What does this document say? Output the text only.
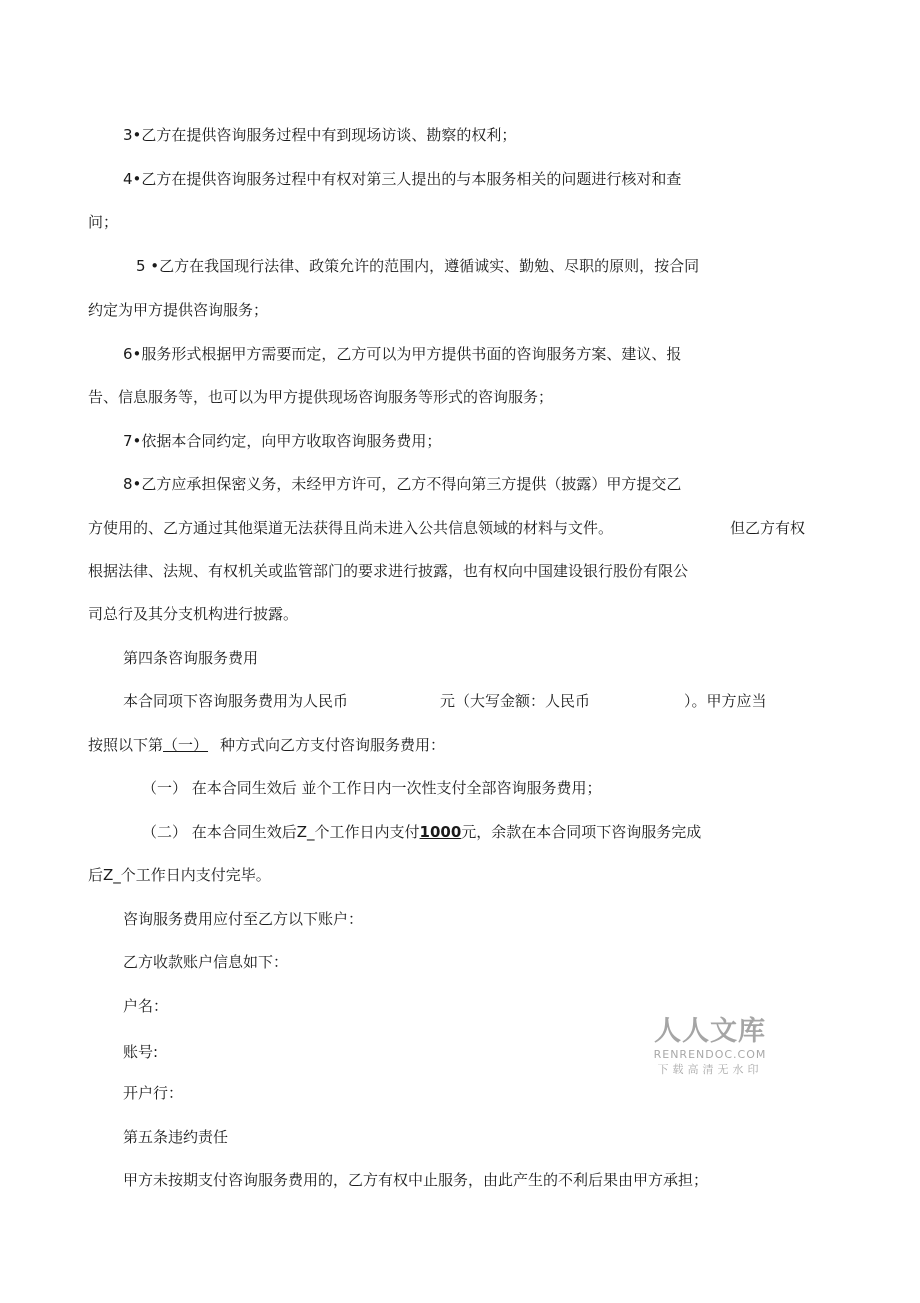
3•乙方在提供咨询服务过程中有到现场访谈、勘察的权利；
4•乙方在提供咨询服务过程中有权对第三人提出的与本服务相关的问题进行核对和查
问；
5 •乙方在我国现行法律、政策允许的范围内，遵循诚实、勤勉、尽职的原则，按合同
约定为甲方提供咨询服务；
6•服务形式根据甲方需要而定，乙方可以为甲方提供书面的咨询服务方案、建议、报
告、信息服务等，也可以为甲方提供现场咨询服务等形式的咨询服务；
7•依据本合同约定，向甲方收取咨询服务费用；
8•乙方应承担保密义务，未经甲方许可，乙方不得向第三方提供（披露）甲方提交乙
方使用的、乙方通过其他渠道无法获得且尚未进入公共信息领域的材料与文件。	但乙方有权
根据法律、法规、有权机关或监管部门的要求进行披露，也有权向中国建设银行股份有限公
司总行及其分支机构进行披露。
第四条咨询服务费用
本合同项下咨询服务费用为人民币	元（大写金额：人民币	）。甲方应当
按照以下第（一） 种方式向乙方支付咨询服务费用：
（一） 在本合同生效后 並个工作日内一次性支付全部咨询服务费用；
（二） 在本合同生效后Z_个工作日内支付1000元，余款在本合同项下咨询服务完成
后Z_个工作日内支付完毕。
咨询服务费用应付至乙方以下账户：
乙方收款账户信息如下：
户名：
账号:
开户行：
第五条违约责任
甲方未按期支付咨询服务费用的，乙方有权中止服务，由此产生的不利后果由甲方承担；
人人文库
RENRENDOC.COM
下载高清无水印
